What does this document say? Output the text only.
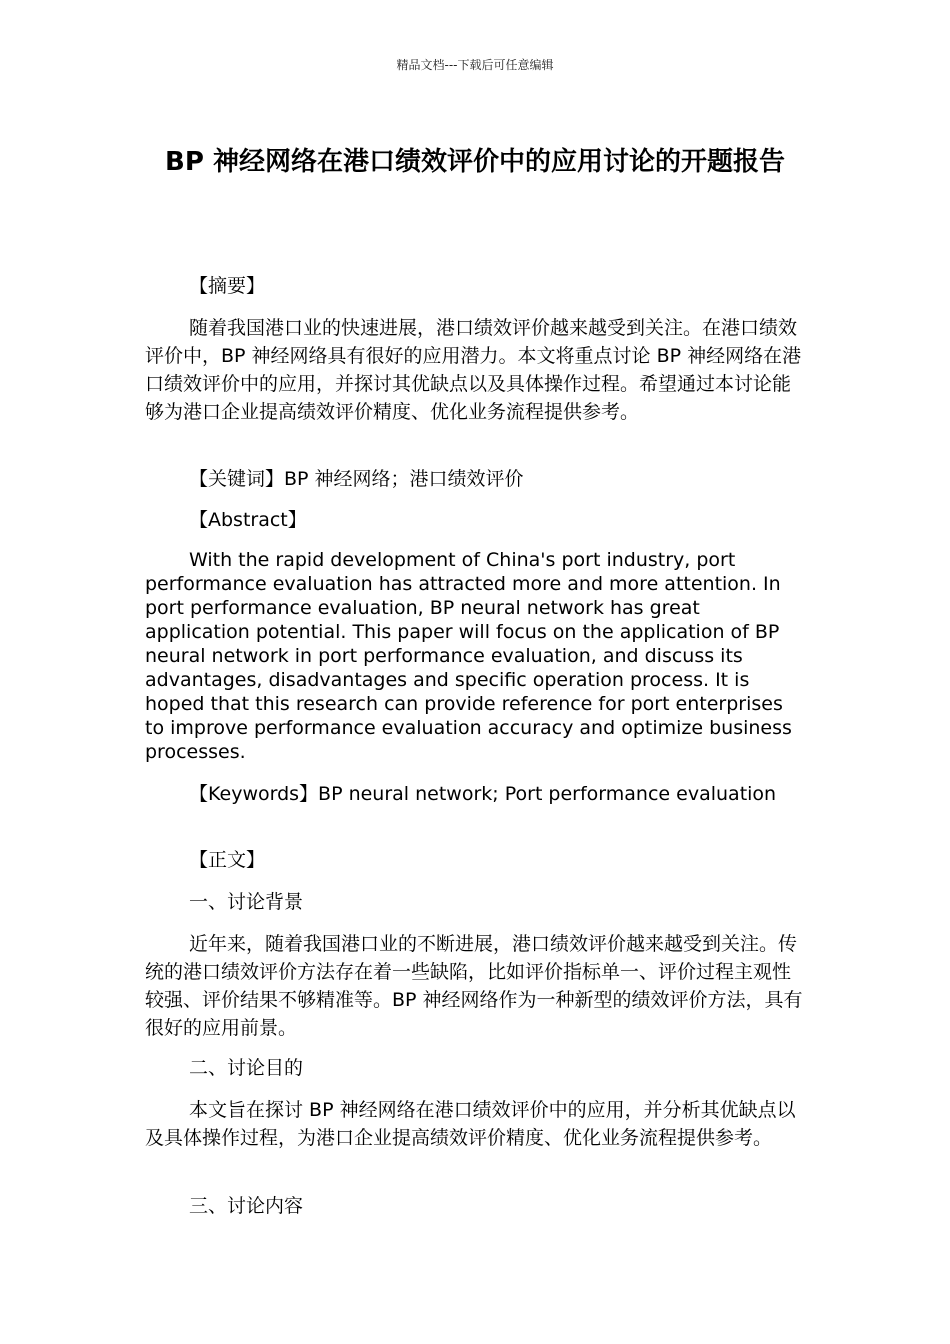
精品文档---下载后可任意编辑
BP 神经网络在港口绩效评价中的应用讨论的开题报告

【摘要】

随着我国港口业的快速进展，港口绩效评价越来越受到关注。在港口绩效评价中，BP 神经网络具有很好的应用潜力。本文将重点讨论 BP 神经网络在港口绩效评价中的应用，并探讨其优缺点以及具体操作过程。希望通过本讨论能够为港口企业提高绩效评价精度、优化业务流程提供参考。

【关键词】BP 神经网络；港口绩效评价

【Abstract】

With the rapid development of China's port industry, port performance evaluation has attracted more and more attention. In port performance evaluation, BP neural network has great application potential. This paper will focus on the application of BP neural network in port performance evaluation, and discuss its advantages, disadvantages and specific operation process. It is hoped that this research can provide reference for port enterprises to improve performance evaluation accuracy and optimize business processes.

【Keywords】BP neural network; Port performance evaluation

【正文】

一、讨论背景

近年来，随着我国港口业的不断进展，港口绩效评价越来越受到关注。传统的港口绩效评价方法存在着一些缺陷，比如评价指标单一、评价过程主观性较强、评价结果不够精准等。BP 神经网络作为一种新型的绩效评价方法，具有很好的应用前景。

二、讨论目的

本文旨在探讨 BP 神经网络在港口绩效评价中的应用，并分析其优缺点以及具体操作过程，为港口企业提高绩效评价精度、优化业务流程提供参考。

三、讨论内容
